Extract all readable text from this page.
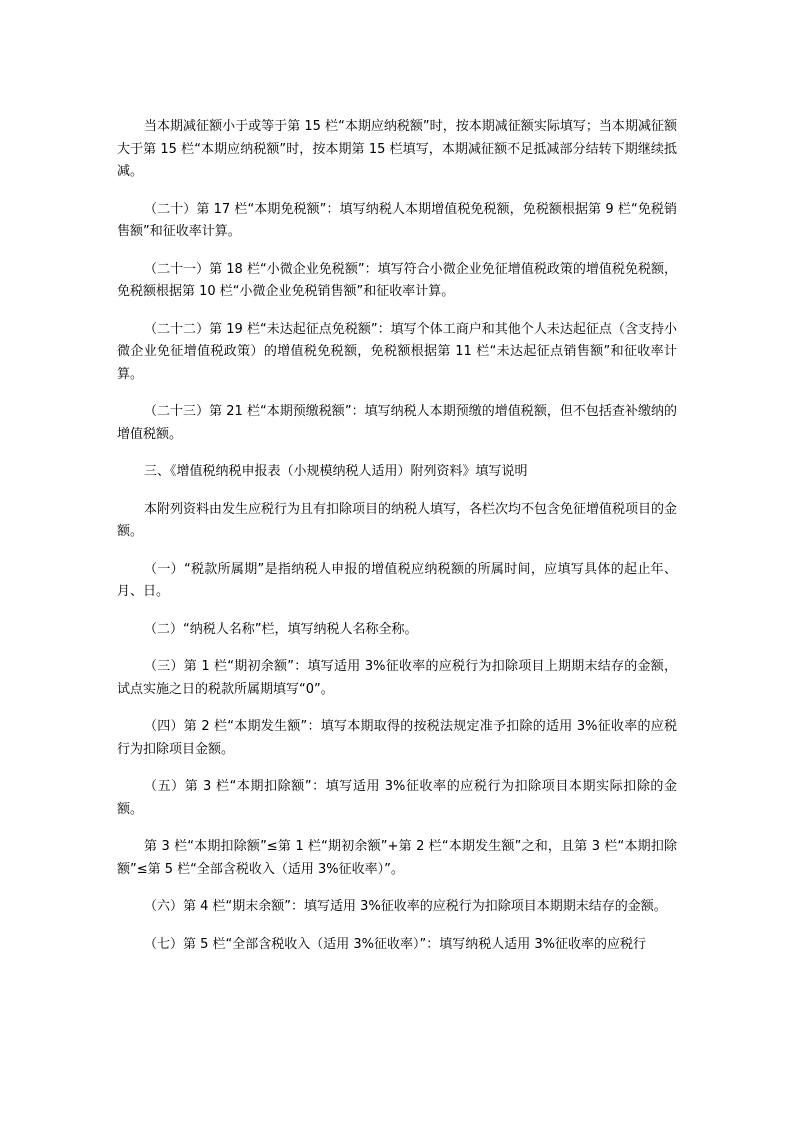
当本期减征额小于或等于第 15 栏“本期应纳税额”时，按本期减征额实际填写；当本期减征额大于第 15 栏“本期应纳税额”时，按本期第 15 栏填写，本期减征额不足抵减部分结转下期继续抵减。

（二十）第 17 栏“本期免税额”：填写纳税人本期增值税免税额，免税额根据第 9 栏“免税销售额”和征收率计算。

（二十一）第 18 栏“小微企业免税额”：填写符合小微企业免征增值税政策的增值税免税额，免税额根据第 10 栏“小微企业免税销售额”和征收率计算。

（二十二）第 19 栏“未达起征点免税额”：填写个体工商户和其他个人未达起征点（含支持小微企业免征增值税政策）的增值税免税额，免税额根据第 11 栏“未达起征点销售额”和征收率计算。

（二十三）第 21 栏“本期预缴税额”：填写纳税人本期预缴的增值税额，但不包括查补缴纳的增值税额。

三、《增值税纳税申报表（小规模纳税人适用）附列资料》填写说明

本附列资料由发生应税行为且有扣除项目的纳税人填写，各栏次均不包含免征增值税项目的金额。

（一）“税款所属期”是指纳税人申报的增值税应纳税额的所属时间，应填写具体的起止年、月、日。

（二）“纳税人名称”栏，填写纳税人名称全称。

（三）第 1 栏“期初余额”：填写适用 3%征收率的应税行为扣除项目上期期末结存的金额，试点实施之日的税款所属期填写“0”。

（四）第 2 栏“本期发生额”：填写本期取得的按税法规定准予扣除的适用 3%征收率的应税行为扣除项目金额。

（五）第 3 栏“本期扣除额”：填写适用 3%征收率的应税行为扣除项目本期实际扣除的金额。

第 3 栏“本期扣除额”≤第 1 栏“期初余额”+第 2 栏“本期发生额”之和，且第 3 栏“本期扣除额”≤第 5 栏“全部含税收入（适用 3%征收率）”。

（六）第 4 栏“期末余额”：填写适用 3%征收率的应税行为扣除项目本期期末结存的金额。

（七）第 5 栏“全部含税收入（适用 3%征收率）”：填写纳税人适用 3%征收率的应税行
